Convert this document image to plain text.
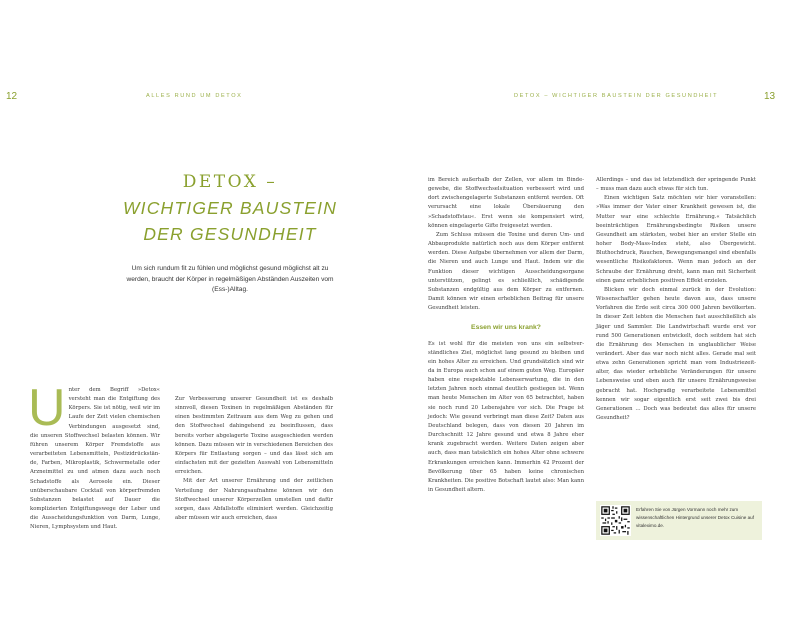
12	13
ALLES RUND UM DETOX	DETOX – WICHTIGER BAUSTEIN DER GESUNDHEIT
DETOX –
WICHTIGER BAUSTEIN
DER GESUNDHEIT
Um sich rundum fit zu fühlen und möglichst gesund möglichst alt zu werden, braucht der Körper in regelmäßigen Abständen Auszeiten vom (Ess-)Alltag.

Unter dem Begriff »Detox« versteht man die Entgiftung des Körpers. Sie ist nötig, weil wir im Laufe der Zeit vielen chemischen Verbindungen ausgesetzt sind, die unseren Stoffwechsel belasten können. Wir führen unserem Körper Fremdstoffe aus verarbeiteten Lebensmitteln, Pestizidrückstände, Farben, Mikroplastik, Schwermetalle oder Arzneimittel zu und atmen dazu auch noch Schadstoffe als Aerosole ein. Dieser unüberschaubare Cocktail von körperfremden Substanzen belastet auf Dauer die komplizierten Entgiftungswege der Leber und die Ausscheidungsfunktion von Darm, Lunge, Nieren, Lymphsystem und Haut.

Zur Verbesserung unserer Gesundheit ist es deshalb sinnvoll, diesen Toxinen in regelmäßigen Abständen für einen bestimmten Zeitraum aus dem Weg zu gehen und den Stoffwechsel dahingehend zu beeinflussen, dass bereits vorher abgelagerte Toxine ausgeschieden werden können. Dazu müssen wir in verschiedenen Bereichen des Körpers für Entlastung sorgen – und das lässt sich am einfachsten mit der gezielten Auswahl von Lebensmitteln erreichen.

Mit der Art unserer Ernährung und der zeitlichen Verteilung der Nahrungsaufnahme können wir den Stoffwechsel unserer Körperzellen umstellen und dafür sorgen, dass Abfallstoffe eliminiert werden. Gleichzeitig aber müssen wir auch erreichen, dass

im Bereich außerhalb der Zellen, vor allem im Bindegewebe, die Stoffwechselsituation verbessert wird und dort zwischengelagerte Substanzen entfernt werden. Oft verursacht eine lokale Übersäuerung den »Schadstoffstau«. Erst wenn sie kompensiert wird, können eingelagerte Gifte freigesetzt werden.

Zum Schluss müssen die Toxine und deren Um- und Abbauprodukte natürlich noch aus dem Körper entfernt werden. Diese Aufgabe übernehmen vor allem der Darm, die Nieren und auch Lunge und Haut. Indem wir die Funktion dieser wichtigen Ausscheidungsorgane unterstützen, gelingt es schließlich, schädigende Substanzen endgültig aus dem Körper zu entfernen. Damit können wir einen erheblichen Beitrag für unsere Gesundheit leisten.

Essen wir uns krank?

Es ist wohl für die meisten von uns ein selbstverständliches Ziel, möglichst lang gesund zu bleiben und ein hohes Alter zu erreichen. Und grundsätzlich sind wir da in Europa auch schon auf einem guten Weg. Europäer haben eine respektable Lebenserwartung, die in den letzten Jahren noch einmal deutlich gestiegen ist. Wenn man heute Menschen im Alter von 65 betrachtet, haben sie noch rund 20 Lebensjahre vor sich. Die Frage ist jedoch: Wie gesund verbringt man diese Zeit? Daten aus Deutschland belegen, dass von diesen 20 Jahren im Durchschnitt 12 Jahre gesund und etwa 8 Jahre eher krank zugebracht werden. Weitere Daten zeigen aber auch, dass man tatsächlich ein hohes Alter ohne schwere Erkrankungen erreichen kann. Immerhin 42 Prozent der Bevölkerung über 65 haben keine chronischen Krankheiten. Die positive Botschaft lautet also: Man kann in Gesundheit altern.

Allerdings – und das ist letztendlich der springende Punkt – muss man dazu auch etwas für sich tun.

Einen wichtigen Satz möchten wir hier voranstellen: »Was immer der Vater einer Krankheit gewesen ist, die Mutter war eine schlechte Ernährung.« Tatsächlich beeinträchtigen Ernährungsbedingte Risiken unsere Gesundheit am stärksten, wobei hier an erster Stelle ein hoher Body-Mass-Index steht, also Übergewicht. Bluthochdruck, Rauchen, Bewegungsmangel sind ebenfalls wesentliche Risikofaktoren. Wenn man jedoch an der Schraube der Ernährung dreht, kann man mit Sicherheit einen ganz erheblichen positiven Effekt erzielen.

Blicken wir doch einmal zurück in der Evolution: Wissenschaftler gehen heute davon aus, dass unsere Vorfahren die Erde seit circa 300 000 Jahren bevölkerten. In dieser Zeit lebten die Menschen fast ausschließlich als Jäger und Sammler. Die Landwirtschaft wurde erst vor rund 500 Generationen entwickelt, doch seitdem hat sich die Ernährung des Menschen in unglaublicher Weise verändert. Aber das war noch nicht alles. Gerade mal seit etwa zehn Generationen spricht man vom Industriezeitalter, das wieder erhebliche Veränderungen für unsere Lebensweise und eben auch für unsere Ernährungsweise gebracht hat. Hochgradig verarbeitete Lebensmittel kennen wir sogar eigentlich erst seit zwei bis drei Generationen … Doch was bedeutet das alles für unsere Gesundheit?

Erfahren Sie von Jürgen Vormann noch mehr zum wissenschaftlichen Hintergrund unserer Detox Cuisine auf vitaleximo.de.
